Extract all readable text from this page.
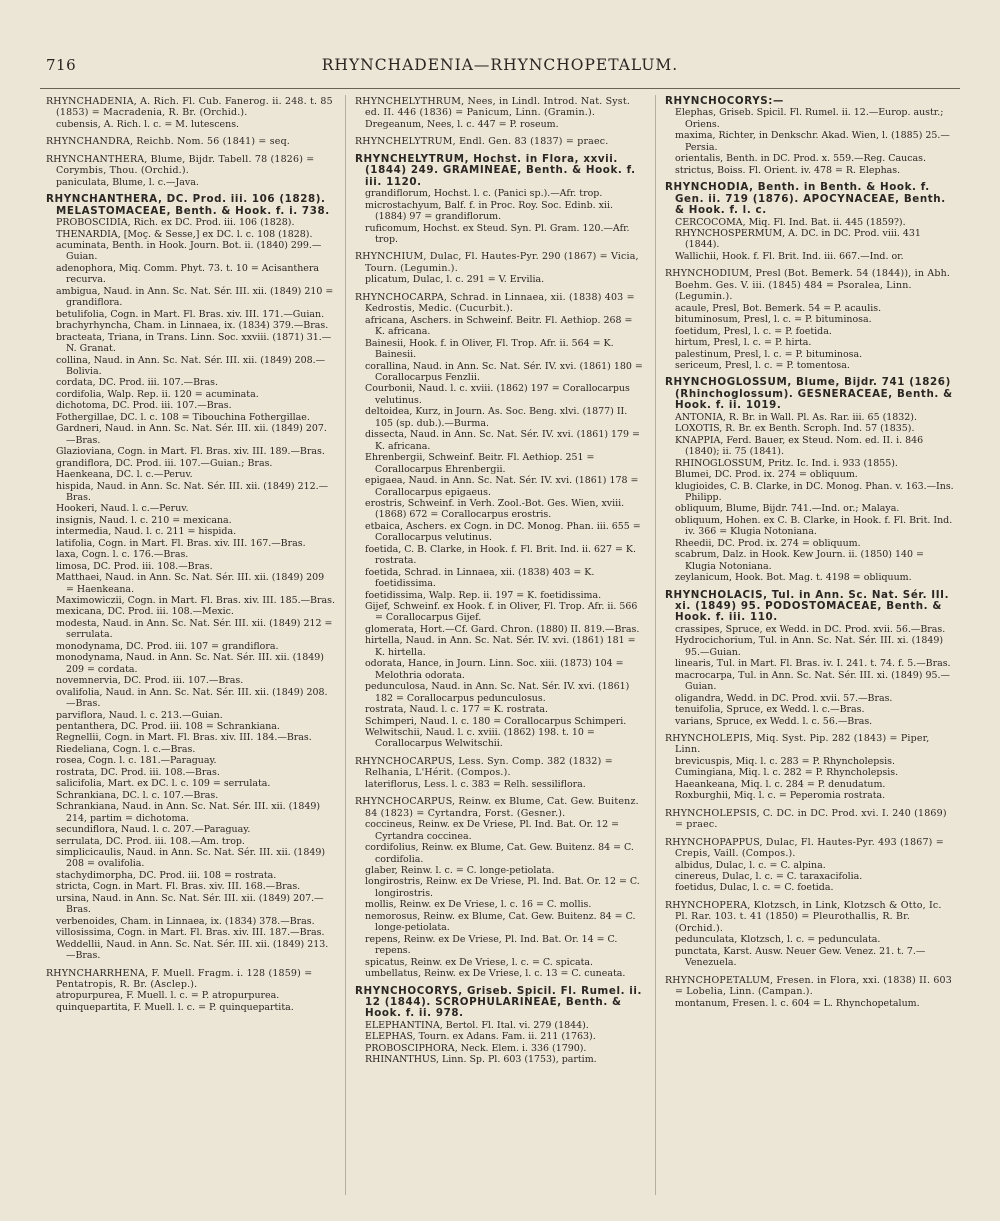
716	RHYNCHADENIA—RHYNCHOPETALUM.
RHYNCHADENIA, A. Rich. Fl. Cub. Fanerog. ii. 248. t. 85 (1853) = Macradenia, R. Br. (Orchid.).
cubensis, A. Rich. l. c. = M. lutescens.
RHYNCHANDRA, Reichb. Nom. 56 (1841) = seq.
RHYNCHANTHERA, Blume, Bijdr. Tabell. 78 (1826) = Corymbis, Thou. (Orchid.).
paniculata, Blume, l. c.—Java.
RHYNCHANTHERA, DC. Prod. iii. 106 (1828). MELASTOMACEAE, Benth. & Hook. f. i. 738.
PROBOSCIDIA, Rich. ex DC. Prod. iii. 106 (1828).
THENARDIA, [Moç. & Sesse,] ex DC. l. c. 108 (1828).
acuminata, Benth. in Hook. Journ. Bot. ii. (1840) 299.—Guian.
adenophora, Miq. Comm. Phyt. 73. t. 10 = Acisanthera recurva.
ambigua, Naud. in Ann. Sc. Nat. Sér. III. xii. (1849) 210 = grandiflora.
betulifolia, Cogn. in Mart. Fl. Bras. xiv. III. 171.—Guian.
brachyrhyncha, Cham. in Linnaea, ix. (1834) 379.—Bras.
bracteata, Triana, in Trans. Linn. Soc. xxviii. (1871) 31.—N. Granat.
collina, Naud. in Ann. Sc. Nat. Sér. III. xii. (1849) 208.—Bolivia.
cordata, DC. Prod. iii. 107.—Bras.
cordifolia, Walp. Rep. ii. 120 = acuminata.
dichotoma, DC. Prod. iii. 107.—Bras.
Fothergillae, DC. l. c. 108 = Tibouchina Fothergillae.
Gardneri, Naud. in Ann. Sc. Nat. Sér. III. xii. (1849) 207.—Bras.
Glazioviana, Cogn. in Mart. Fl. Bras. xiv. III. 189.—Bras.
grandiflora, DC. Prod. iii. 107.—Guian.; Bras.
Haenkeana, DC. l. c.—Peruv.
hispida, Naud. in Ann. Sc. Nat. Sér. III. xii. (1849) 212.—Bras.
Hookeri, Naud. l. c.—Peruv.
insignis, Naud. l. c. 210 = mexicana.
intermedia, Naud. l. c. 211 = hispida.
latifolia, Cogn. in Mart. Fl. Bras. xiv. III. 167.—Bras.
laxa, Cogn. l. c. 176.—Bras.
limosa, DC. Prod. iii. 108.—Bras.
Matthaei, Naud. in Ann. Sc. Nat. Sér. III. xii. (1849) 209 = Haenkeana.
Maximowiczii, Cogn. in Mart. Fl. Bras. xiv. III. 185.—Bras.
mexicana, DC. Prod. iii. 108.—Mexic.
modesta, Naud. in Ann. Sc. Nat. Sér. III. xii. (1849) 212 = serrulata.
monodynama, DC. Prod. iii. 107 = grandiflora.
monodynama, Naud. in Ann. Sc. Nat. Sér. III. xii. (1849) 209 = cordata.
novemnervia, DC. Prod. iii. 107.—Bras.
ovalifolia, Naud. in Ann. Sc. Nat. Sér. III. xii. (1849) 208.—Bras.
parviflora, Naud. l. c. 213.—Guian.
pentanthera, DC. Prod. iii. 108 = Schrankiana.
Regnellii, Cogn. in Mart. Fl. Bras. xiv. III. 184.—Bras.
Riedeliana, Cogn. l. c.—Bras.
rosea, Cogn. l. c. 181.—Paraguay.
rostrata, DC. Prod. iii. 108.—Bras.
salicifolia, Mart. ex DC. l. c. 109 = serrulata.
Schrankiana, DC. l. c. 107.—Bras.
Schrankiana, Naud. in Ann. Sc. Nat. Sér. III. xii. (1849) 214, partim = dichotoma.
secundiflora, Naud. l. c. 207.—Paraguay.
serrulata, DC. Prod. iii. 108.—Am. trop.
simplicicaulis, Naud. in Ann. Sc. Nat. Sér. III. xii. (1849) 208 = ovalifolia.
stachydimorpha, DC. Prod. iii. 108 = rostrata.
stricta, Cogn. in Mart. Fl. Bras. xiv. III. 168.—Bras.
ursina, Naud. in Ann. Sc. Nat. Sér. III. xii. (1849) 207.—Bras.
verbenoides, Cham. in Linnaea, ix. (1834) 378.—Bras.
villosissima, Cogn. in Mart. Fl. Bras. xiv. III. 187.—Bras.
Weddellii, Naud. in Ann. Sc. Nat. Sér. III. xii. (1849) 213.—Bras.
RHYNCHARRHENA, F. Muell. Fragm. i. 128 (1859) = Pentatropis, R. Br. (Asclep.).
atropurpurea, F. Muell. l. c. = P. atropurpurea.
quinquepartita, F. Muell. l. c. = P. quinquepartita.
RHYNCHELYTHRUM, Nees, in Lindl. Introd. Nat. Syst. ed. II. 446 (1836) = Panicum, Linn. (Gramin.).
Dregeanum, Nees, l. c. 447 = P. roseum.
RHYNCHELYTRUM, Endl. Gen. 83 (1837) = praec.
RHYNCHELYTRUM, Hochst. in Flora, xxvii. (1844) 249. GRAMINEAE, Benth. & Hook. f. iii. 1120.
grandiflorum, Hochst. l. c. (Panici sp.).—Afr. trop.
microstachyum, Balf. f. in Proc. Roy. Soc. Edinb. xii. (1884) 97 = grandiflorum.
ruficomum, Hochst. ex Steud. Syn. Pl. Gram. 120.—Afr. trop.
RHYNCHIUM, Dulac, Fl. Hautes-Pyr. 290 (1867) = Vicia, Tourn. (Legumin.).
plicatum, Dulac, l. c. 291 = V. Ervilia.
RHYNCHOCARPA, Schrad. in Linnaea, xii. (1838) 403 = Kedrostis, Medic. (Cucurbit.).
africana, Aschers. in Schweinf. Beitr. Fl. Aethiop. 268 = K. africana.
Bainesii, Hook. f. in Oliver, Fl. Trop. Afr. ii. 564 = K. Bainesii.
corallina, Naud. in Ann. Sc. Nat. Sér. IV. xvi. (1861) 180 = Corallocarpus Fenzlii.
Courbonii, Naud. l. c. xviii. (1862) 197 = Corallocarpus velutinus.
deltoidea, Kurz, in Journ. As. Soc. Beng. xlvi. (1877) II. 105 (sp. dub.).—Burma.
dissecta, Naud. in Ann. Sc. Nat. Sér. IV. xvi. (1861) 179 = K. africana.
Ehrenbergii, Schweinf. Beitr. Fl. Aethiop. 251 = Corallocarpus Ehrenbergii.
epigaea, Naud. in Ann. Sc. Nat. Sér. IV. xvi. (1861) 178 = Corallocarpus epigaeus.
erostris, Schweinf. in Verh. Zool.-Bot. Ges. Wien, xviii. (1868) 672 = Corallocarpus erostris.
etbaica, Aschers. ex Cogn. in DC. Monog. Phan. iii. 655 = Corallocarpus velutinus.
foetida, C. B. Clarke, in Hook. f. Fl. Brit. Ind. ii. 627 = K. rostrata.
foetida, Schrad. in Linnaea, xii. (1838) 403 = K. foetidissima.
foetidissima, Walp. Rep. ii. 197 = K. foetidissima.
Gijef, Schweinf. ex Hook. f. in Oliver, Fl. Trop. Afr. ii. 566 = Corallocarpus Gijef.
glomerata, Hort.—Cf. Gard. Chron. (1880) II. 819.—Bras.
hirtella, Naud. in Ann. Sc. Nat. Sér. IV. xvi. (1861) 181 = K. hirtella.
odorata, Hance, in Journ. Linn. Soc. xiii. (1873) 104 = Melothria odorata.
pedunculosa, Naud. in Ann. Sc. Nat. Sér. IV. xvi. (1861) 182 = Corallocarpus pedunculosus.
rostrata, Naud. l. c. 177 = K. rostrata.
Schimperi, Naud. l. c. 180 = Corallocarpus Schimperi.
Welwitschii, Naud. l. c. xviii. (1862) 198. t. 10 = Corallocarpus Welwitschii.
RHYNCHOCARPUS, Less. Syn. Comp. 382 (1832) = Relhania, L'Hérit. (Compos.).
lateriflorus, Less. l. c. 383 = Relh. sessiliflora.
RHYNCHOCARPUS, Reinw. ex Blume, Cat. Gew. Buitenz. 84 (1823) = Cyrtandra, Forst. (Gesner.).
coccineus, Reinw. ex De Vriese, Pl. Ind. Bat. Or. 12 = Cyrtandra coccinea.
cordifolius, Reinw. ex Blume, Cat. Gew. Buitenz. 84 = C. cordifolia.
glaber, Reinw. l. c. = C. longe-petiolata.
longirostris, Reinw. ex De Vriese, Pl. Ind. Bat. Or. 12 = C. longirostris.
mollis, Reinw. ex De Vriese, l. c. 16 = C. mollis.
nemorosus, Reinw. ex Blume, Cat. Gew. Buitenz. 84 = C. longe-petiolata.
repens, Reinw. ex De Vriese, Pl. Ind. Bat. Or. 14 = C. repens.
spicatus, Reinw. ex De Vriese, l. c. = C. spicata.
umbellatus, Reinw. ex De Vriese, l. c. 13 = C. cuneata.
RHYNCHOCORYS, Griseb. Spicil. Fl. Rumel. ii. 12 (1844). SCROPHULARINEAE, Benth. & Hook. f. ii. 978.
ELEPHANTINA, Bertol. Fl. Ital. vi. 279 (1844).
ELEPHAS, Tourn. ex Adans. Fam. ii. 211 (1763).
PROBOSCIPHORA, Neck. Elem. i. 336 (1790).
RHINANTHUS, Linn. Sp. Pl. 603 (1753), partim.
RHYNCHOCORYS:—
Elephas, Griseb. Spicil. Fl. Rumel. ii. 12.—Europ. austr.; Oriens.
maxima, Richter, in Denkschr. Akad. Wien, l. (1885) 25.—Persia.
orientalis, Benth. in DC. Prod. x. 559.—Reg. Caucas.
strictus, Boiss. Fl. Orient. iv. 478 = R. Elephas.
RHYNCHODIA, Benth. in Benth. & Hook. f. Gen. ii. 719 (1876). APOCYNACEAE, Benth. & Hook. f. l. c.
CERCOCOMA, Miq. Fl. Ind. Bat. ii. 445 (1859?).
RHYNCHOSPERMUM, A. DC. in DC. Prod. viii. 431 (1844).
Wallichii, Hook. f. Fl. Brit. Ind. iii. 667.—Ind. or.
RHYNCHODIUM, Presl (Bot. Bemerk. 54 (1844)), in Abh. Boehm. Ges. V. iii. (1845) 484 = Psoralea, Linn. (Legumin.).
acaule, Presl, Bot. Bemerk. 54 = P. acaulis.
bituminosum, Presl, l. c. = P. bituminosa.
foetidum, Presl, l. c. = P. foetida.
hirtum, Presl, l. c. = P. hirta.
palestinum, Presl, l. c. = P. bituminosa.
sericeum, Presl, l. c. = P. tomentosa.
RHYNCHOGLOSSUM, Blume, Bijdr. 741 (1826) (Rhinchoglossum). GESNERACEAE, Benth. & Hook. f. ii. 1019.
ANTONIA, R. Br. in Wall. Pl. As. Rar. iii. 65 (1832).
LOXOTIS, R. Br. ex Benth. Scroph. Ind. 57 (1835).
KNAPPIA, Ferd. Bauer, ex Steud. Nom. ed. II. i. 846 (1840); ii. 75 (1841).
RHINOGLOSSUM, Pritz. Ic. Ind. i. 933 (1855).
Blumei, DC. Prod. ix. 274 = obliquum.
klugioides, C. B. Clarke, in DC. Monog. Phan. v. 163.—Ins. Philipp.
obliquum, Blume, Bijdr. 741.—Ind. or.; Malaya.
obliquum, Hohen. ex C. B. Clarke, in Hook. f. Fl. Brit. Ind. iv. 366 = Klugia Notoniana.
Rheedii, DC. Prod. ix. 274 = obliquum.
scabrum, Dalz. in Hook. Kew Journ. ii. (1850) 140 = Klugia Notoniana.
zeylanicum, Hook. Bot. Mag. t. 4198 = obliquum.
RHYNCHOLACIS, Tul. in Ann. Sc. Nat. Sér. III. xi. (1849) 95. PODOSTOMACEAE, Benth. & Hook. f. iii. 110.
crassipes, Spruce, ex Wedd. in DC. Prod. xvii. 56.—Bras.
Hydrocichorium, Tul. in Ann. Sc. Nat. Sér. III. xi. (1849) 95.—Guian.
linearis, Tul. in Mart. Fl. Bras. iv. I. 241. t. 74. f. 5.—Bras.
macrocarpa, Tul. in Ann. Sc. Nat. Sér. III. xi. (1849) 95.—Guian.
oligandra, Wedd. in DC. Prod. xvii. 57.—Bras.
tenuifolia, Spruce, ex Wedd. l. c.—Bras.
varians, Spruce, ex Wedd. l. c. 56.—Bras.
RHYNCHOLEPIS, Miq. Syst. Pip. 282 (1843) = Piper, Linn.
brevicuspis, Miq. l. c. 283 = P. Rhyncholepsis.
Cumingiana, Miq. l. c. 282 = P. Rhyncholepsis.
Haeankeana, Miq. l. c. 284 = P. denudatum.
Roxburghii, Miq. l. c. = Peperomia rostrata.
RHYNCHOLEPSIS, C. DC. in DC. Prod. xvi. I. 240 (1869) = praec.
RHYNCHOPAPPUS, Dulac, Fl. Hautes-Pyr. 493 (1867) = Crepis, Vaill. (Compos.).
albidus, Dulac, l. c. = C. alpina.
cinereus, Dulac, l. c. = C. taraxacifolia.
foetidus, Dulac, l. c. = C. foetida.
RHYNCHOPERA, Klotzsch, in Link, Klotzsch & Otto, Ic. Pl. Rar. 103. t. 41 (1850) = Pleurothallis, R. Br. (Orchid.).
pedunculata, Klotzsch, l. c. = pedunculata.
punctata, Karst. Ausw. Neuer Gew. Venez. 21. t. 7.—Venezuela.
RHYNCHOPETALUM, Fresen. in Flora, xxi. (1838) II. 603 = Lobelia, Linn. (Campan.).
montanum, Fresen. l. c. 604 = L. Rhynchopetalum.
